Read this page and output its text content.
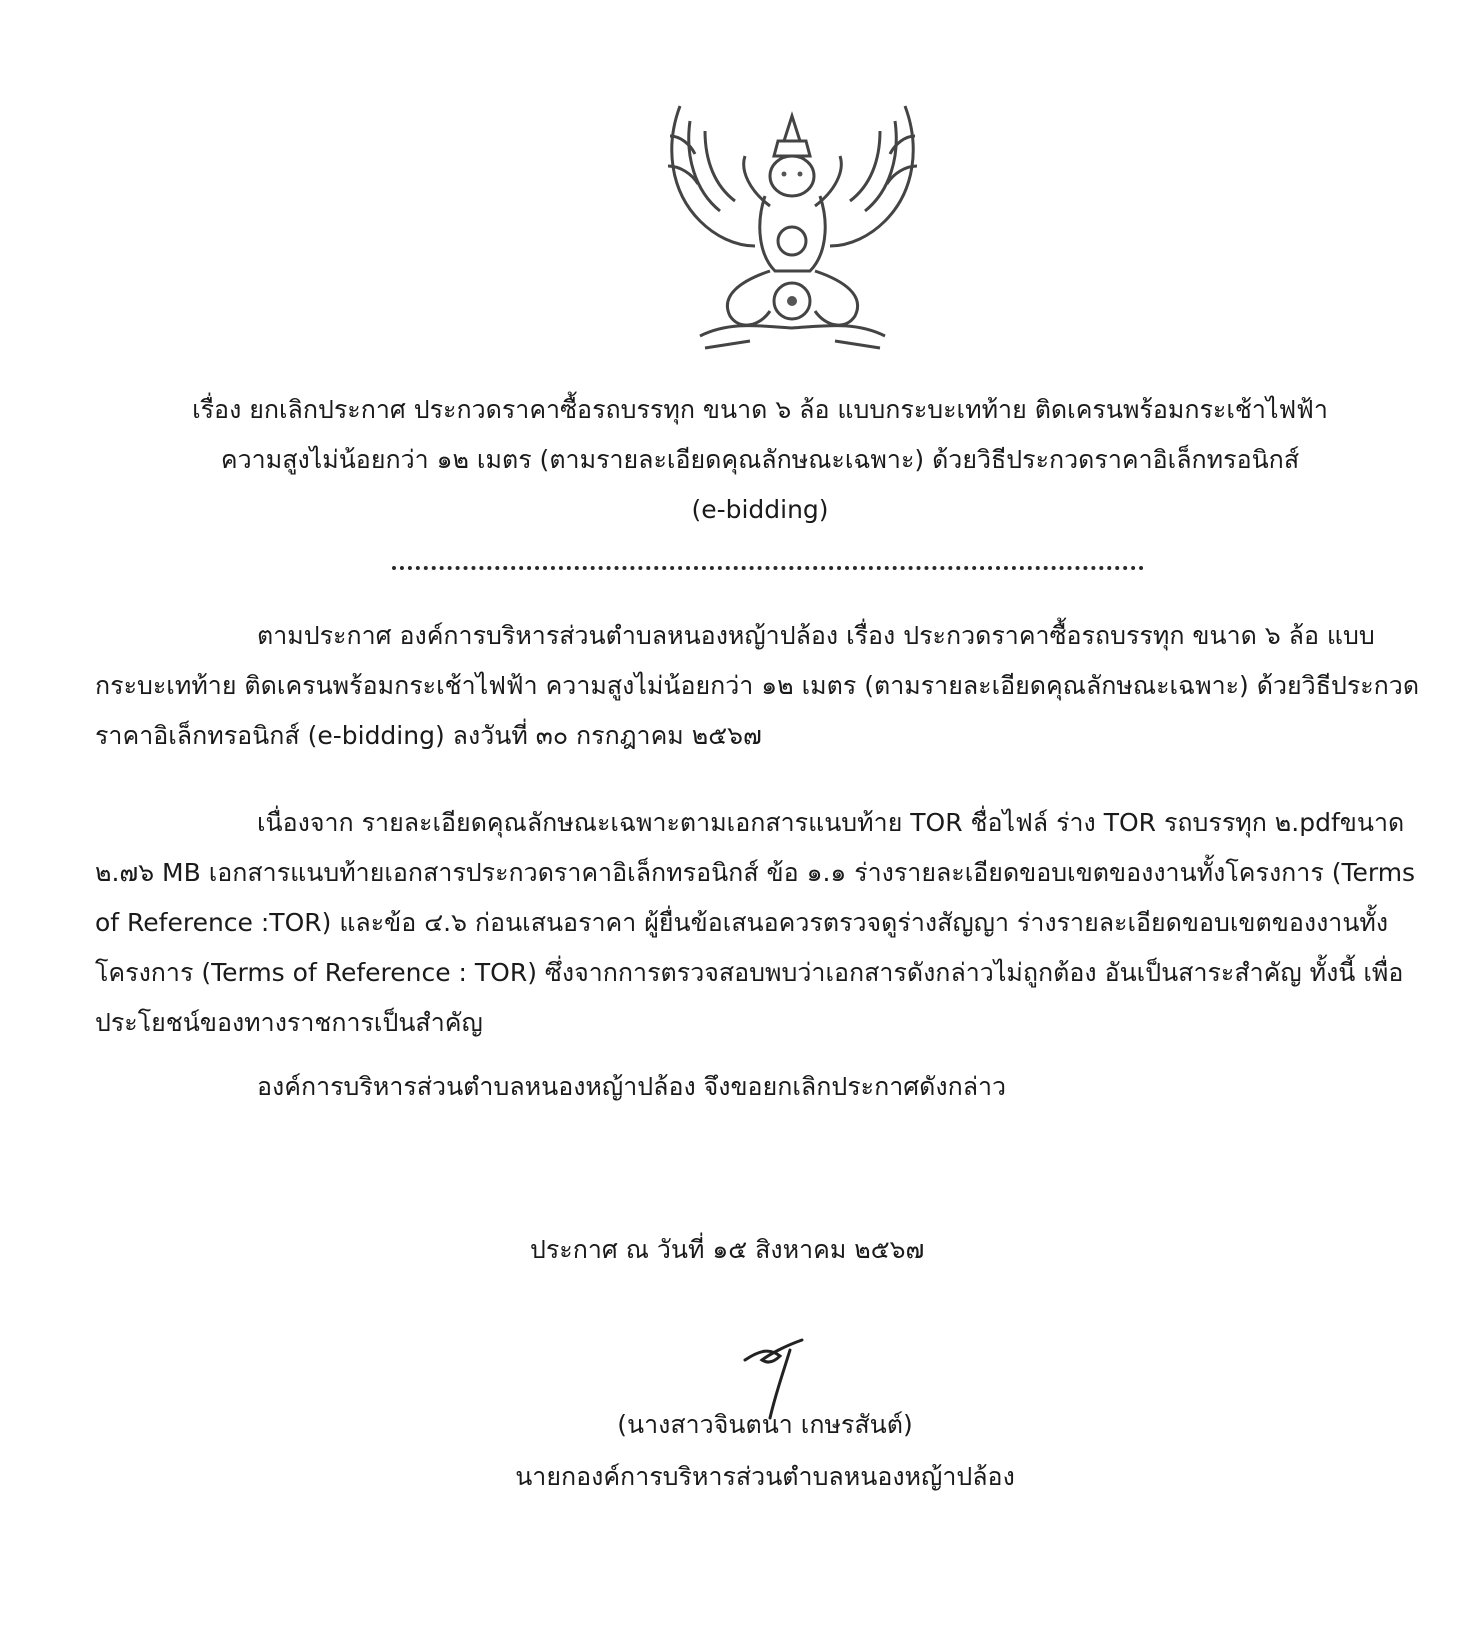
เรื่อง ยกเลิกประกาศ ประกวดราคาซื้อรถบรรทุก ขนาด ๖ ล้อ แบบกระบะเทท้าย ติดเครนพร้อมกระเช้าไฟฟ้า
ความสูงไม่น้อยกว่า ๑๒ เมตร (ตามรายละเอียดคุณลักษณะเฉพาะ) ด้วยวิธีประกวดราคาอิเล็กทรอนิกส์
(e-bidding)

ตามประกาศ องค์การบริหารส่วนตำบลหนองหญ้าปล้อง เรื่อง ประกวดราคาซื้อรถบรรทุก ขนาด ๖ ล้อ แบบกระบะเทท้าย ติดเครนพร้อมกระเช้าไฟฟ้า ความสูงไม่น้อยกว่า ๑๒ เมตร (ตามรายละเอียดคุณลักษณะเฉพาะ) ด้วยวิธีประกวดราคาอิเล็กทรอนิกส์ (e-bidding) ลงวันที่ ๓๐ กรกฎาคม ๒๕๖๗

เนื่องจาก รายละเอียดคุณลักษณะเฉพาะตามเอกสารแนบท้าย TOR ชื่อไฟล์ ร่าง TOR รถบรรทุก ๒.pdfขนาด ๒.๗๖ MB เอกสารแนบท้ายเอกสารประกวดราคาอิเล็กทรอนิกส์ ข้อ ๑.๑ ร่างรายละเอียดขอบเขตของงานทั้งโครงการ (Terms of Reference :TOR) และข้อ ๔.๖ ก่อนเสนอราคา ผู้ยื่นข้อเสนอควรตรวจดูร่างสัญญา ร่างรายละเอียดขอบเขตของงานทั้งโครงการ (Terms of Reference : TOR) ซึ่งจากการตรวจสอบพบว่าเอกสารดังกล่าวไม่ถูกต้อง อันเป็นสาระสำคัญ ทั้งนี้ เพื่อประโยชน์ของทางราชการเป็นสำคัญ

องค์การบริหารส่วนตำบลหนองหญ้าปล้อง จึงขอยกเลิกประกาศดังกล่าว

ประกาศ ณ วันที่ ๑๕ สิงหาคม ๒๕๖๗
(นางสาวจินตนา เกษรสันต์)
นายกองค์การบริหารส่วนตำบลหนองหญ้าปล้อง
